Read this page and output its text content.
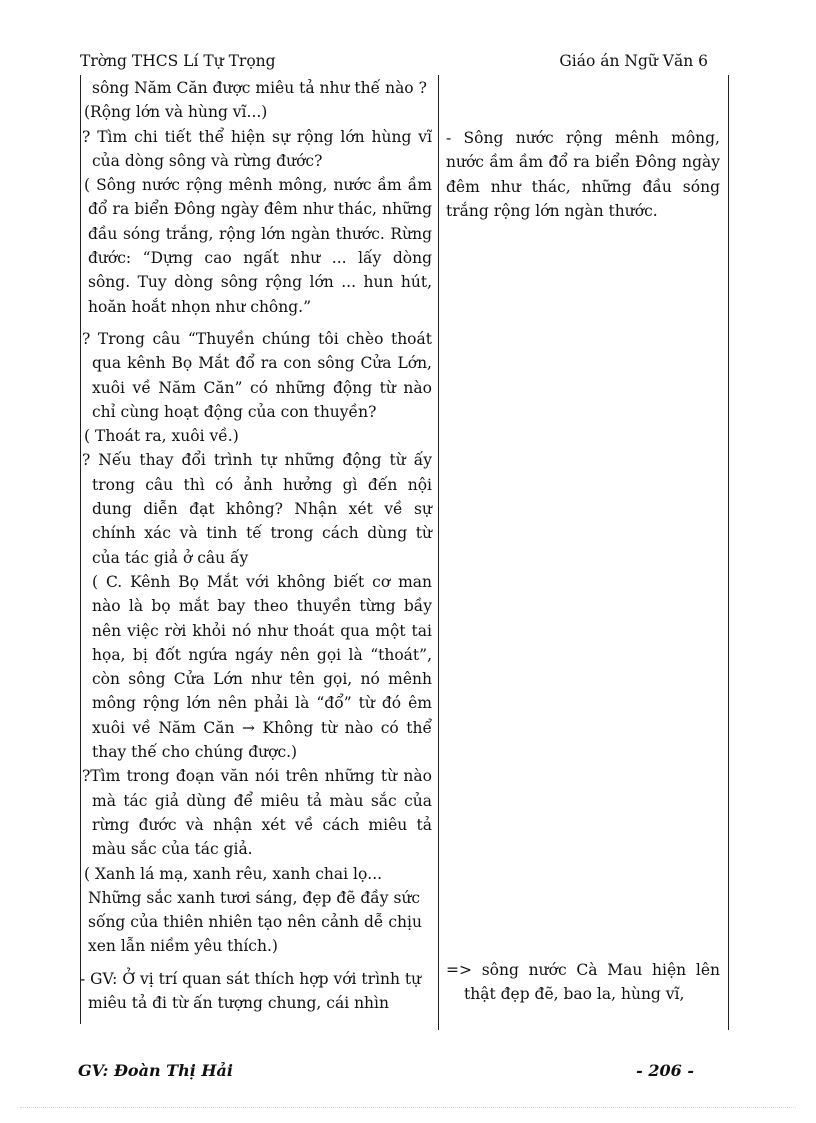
Trờng THCS Lí Tự Trọng	Giáo án Ngữ Văn 6

sông Năm Căn được miêu tả như thế nào ?

(Rộng lớn và hùng vĩ...)

? Tìm chi tiết thể hiện sự rộng lớn hùng vĩ của dòng sông và rừng đước?

( Sông nước rộng mênh mông, nước ầm ầm đổ ra biển Đông ngày đêm như thác, những đầu sóng trắng, rộng lớn ngàn thước. Rừng đước: “Dựng cao ngất như ... lấy dòng sông. Tuy dòng sông rộng lớn ... hun hút, hoăn hoắt nhọn như chông.”

? Trong câu “Thuyền chúng tôi chèo thoát qua kênh Bọ Mắt đổ ra con sông Cửa Lớn, xuôi về Năm Căn” có những động từ nào chỉ cùng hoạt động của con thuyền?

( Thoát ra, xuôi về.)

? Nếu thay đổi trình tự những động từ ấy trong câu thì có ảnh hưởng gì đến nội dung diễn đạt không? Nhận xét về sự chính xác và tinh tế trong cách dùng từ của tác giả ở câu ấy

( C. Kênh Bọ Mắt với không biết cơ man nào là bọ mắt bay theo thuyền từng bầy nên việc rời khỏi nó như thoát qua một tai họa, bị đốt ngứa ngáy nên gọi là “thoát”, còn sông Cửa Lớn như tên gọi, nó mênh mông rộng lớn nên phải là “đổ” từ đó êm xuôi về Năm Căn → Không từ nào có thể thay thế cho chúng được.)

?Tìm trong đoạn văn nói trên những từ nào mà tác giả dùng để miêu tả màu sắc của rừng đước và nhận xét về cách miêu tả màu sắc của tác giả.

( Xanh lá mạ, xanh rêu, xanh chai lọ... Những sắc xanh tươi sáng, đẹp đẽ đầy sức sống của thiên nhiên tạo nên cảnh dễ chịu xen lẫn niềm yêu thích.)

- GV: Ở vị trí quan sát thích hợp với trình tự miêu tả đi từ ấn tượng chung, cái nhìn

- Sông nước rộng mênh mông, nước ầm ầm đổ ra biển Đông ngày đêm như thác, những đầu sóng trắng rộng lớn ngàn thước.

=> sông nước Cà Mau hiện lên thật đẹp đẽ, bao la, hùng vĩ,

GV: Đoàn Thị Hải	- 206 -
